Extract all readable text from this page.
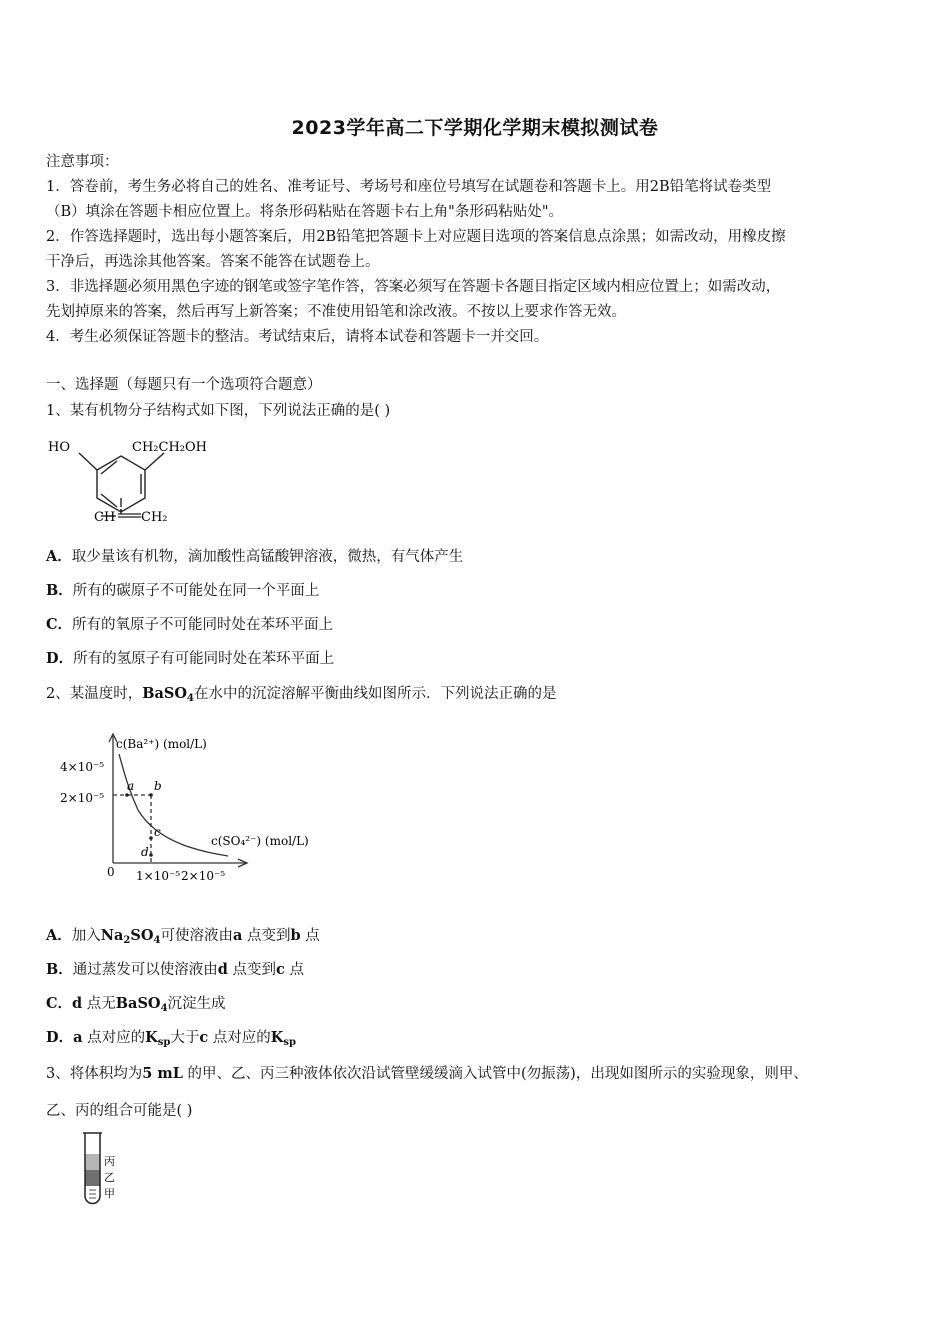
2023学年高二下学期化学期末模拟测试卷
注意事项：
1．答卷前，考生务必将自己的姓名、准考证号、考场号和座位号填写在试题卷和答题卡上。用2B铅笔将试卷类型
（B）填涂在答题卡相应位置上。将条形码粘贴在答题卡右上角"条形码粘贴处"。
2．作答选择题时，选出每小题答案后，用2B铅笔把答题卡上对应题目选项的答案信息点涂黑；如需改动，用橡皮擦
干净后，再选涂其他答案。答案不能答在试题卷上。
3．非选择题必须用黑色字迹的钢笔或签字笔作答，答案必须写在答题卡各题目指定区域内相应位置上；如需改动，
先划掉原来的答案，然后再写上新答案；不准使用铅笔和涂改液。不按以上要求作答无效。
4．考生必须保证答题卡的整洁。考试结束后，请将本试卷和答题卡一并交回。
一、选择题（每题只有一个选项符合题意）
1、某有机物分子结构式如下图，下列说法正确的是( )
HO	CH₂CH₂OH
CH CH₂
A．取少量该有机物，滴加酸性高锰酸钾溶液，微热，有气体产生
B．所有的碳原子不可能处在同一个平面上
C．所有的氧原子不可能同时处在苯环平面上
D．所有的氢原子有可能同时处在苯环平面上
2、某温度时，BaSO$_4$在水中的沉淀溶解平衡曲线如图所示．下列说法正确的是
c(Ba²⁺) (mol/L)
c(SO₄²⁻) (mol/L)
4×10⁻⁵
2×10⁻⁵
1×10⁻⁵ 2×10⁻⁵
0
a b
c
d
A．加入$Na_2SO_4$可使溶液由a 点变到b 点
B．通过蒸发可以使溶液由d 点变到c 点
C．d 点无BaSO$_4$沉淀生成
D．a 点对应的$K_{sp}$大于c 点对应的$K_{sp}$
3、将体积均为5 mL 的甲、乙、丙三种液体依次沿试管壁缓缓滴入试管中(勿振荡)，出现如图所示的实验现象，则甲、
乙、丙的组合可能是( )
丙
乙
甲
